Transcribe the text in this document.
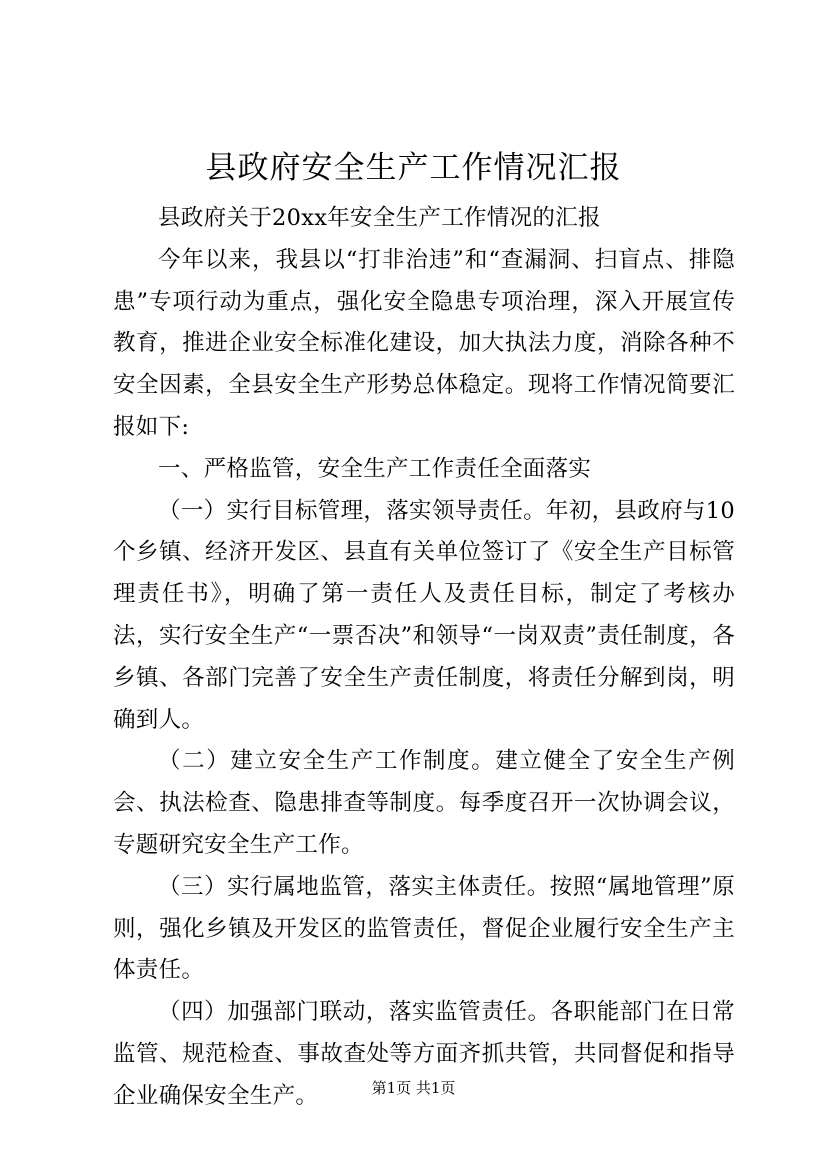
县政府安全生产工作情况汇报

县政府关于20xx年安全生产工作情况的汇报

今年以来，我县以“打非治违”和“查漏洞、扫盲点、排隐患”专项行动为重点，强化安全隐患专项治理，深入开展宣传教育，推进企业安全标准化建设，加大执法力度，消除各种不安全因素，全县安全生产形势总体稳定。现将工作情况简要汇报如下:

一、严格监管，安全生产工作责任全面落实

（一）实行目标管理，落实领导责任。年初，县政府与10个乡镇、经济开发区、县直有关单位签订了《安全生产目标管理责任书》，明确了第一责任人及责任目标，制定了考核办法，实行安全生产“一票否决”和领导“一岗双责”责任制度，各乡镇、各部门完善了安全生产责任制度，将责任分解到岗，明确到人。

（二）建立安全生产工作制度。建立健全了安全生产例会、执法检查、隐患排查等制度。每季度召开一次协调会议，专题研究安全生产工作。

（三）实行属地监管，落实主体责任。按照“属地管理”原则，强化乡镇及开发区的监管责任，督促企业履行安全生产主体责任。

（四）加强部门联动，落实监管责任。各职能部门在日常监管、规范检查、事故查处等方面齐抓共管，共同督促和指导企业确保安全生产。	第1页 共1页
